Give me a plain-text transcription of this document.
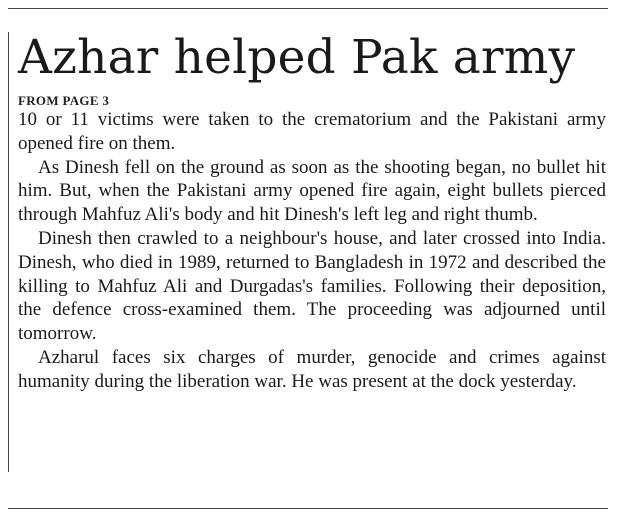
Azhar helped Pak army
FROM PAGE 3

10 or 11 victims were taken to the crematorium and the Pakistani army opened fire on them.

As Dinesh fell on the ground as soon as the shooting began, no bullet hit him. But, when the Pakistani army opened fire again, eight bullets pierced through Mahfuz Ali's body and hit Dinesh's left leg and right thumb.

Dinesh then crawled to a neighbour's house, and later crossed into India. Dinesh, who died in 1989, returned to Bangladesh in 1972 and described the killing to Mahfuz Ali and Durgadas's families. Following their deposition, the defence cross-examined them. The proceeding was adjourned until tomorrow.

Azharul faces six charges of murder, genocide and crimes against humanity during the liberation war. He was present at the dock yesterday.
